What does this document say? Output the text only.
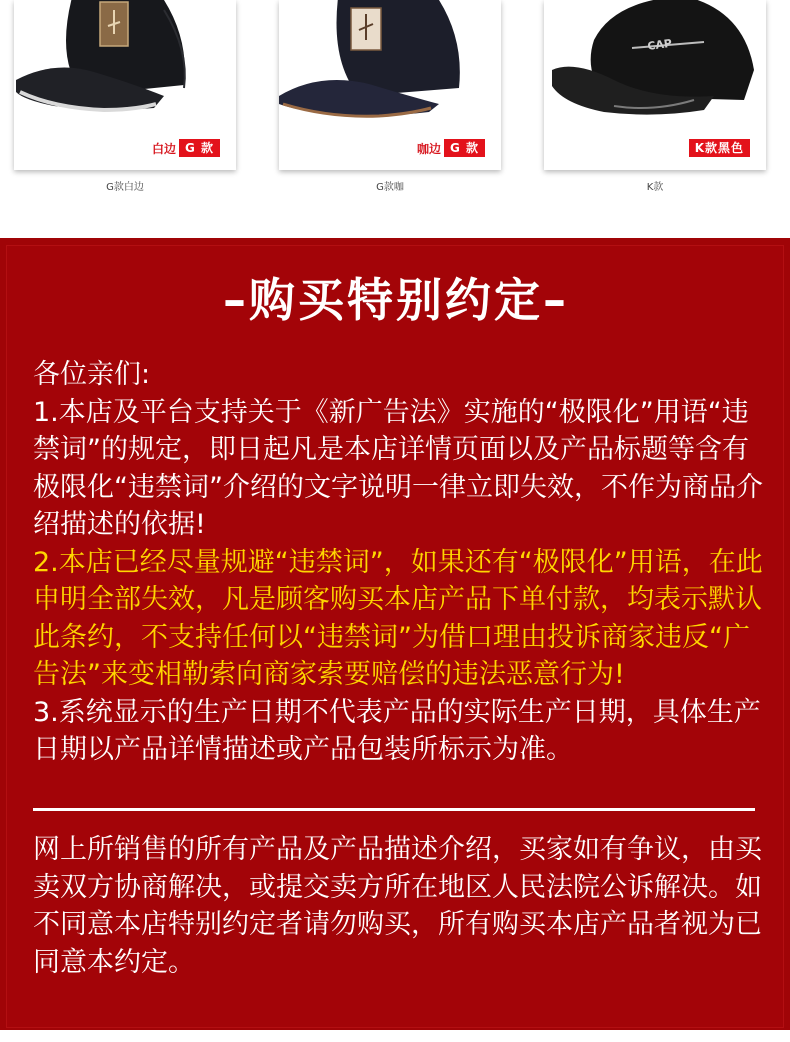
白边 G 款
G款白边
咖边 G 款
G款咖
CAP
K款黑色
K款
–购买特别约定–

各位亲们:

1.本店及平台支持关于《新广告法》实施的“极限化”用语“违禁词”的规定，即日起凡是本店详情页面以及产品标题等含有极限化“违禁词”介绍的文字说明一律立即失效，不作为商品介绍描述的依据!

2.本店已经尽量规避“违禁词”，如果还有“极限化”用语，在此申明全部失效，凡是顾客购买本店产品下单付款，均表示默认此条约，不支持任何以“违禁词”为借口理由投诉商家违反“广告法”来变相勒索向商家索要赔偿的违法恶意行为!

3.系统显示的生产日期不代表产品的实际生产日期，具体生产日期以产品详情描述或产品包装所标示为准。

网上所销售的所有产品及产品描述介绍，买家如有争议，由买卖双方协商解决，或提交卖方所在地区人民法院公诉解决。如不同意本店特别约定者请勿购买，所有购买本店产品者视为已同意本约定。
